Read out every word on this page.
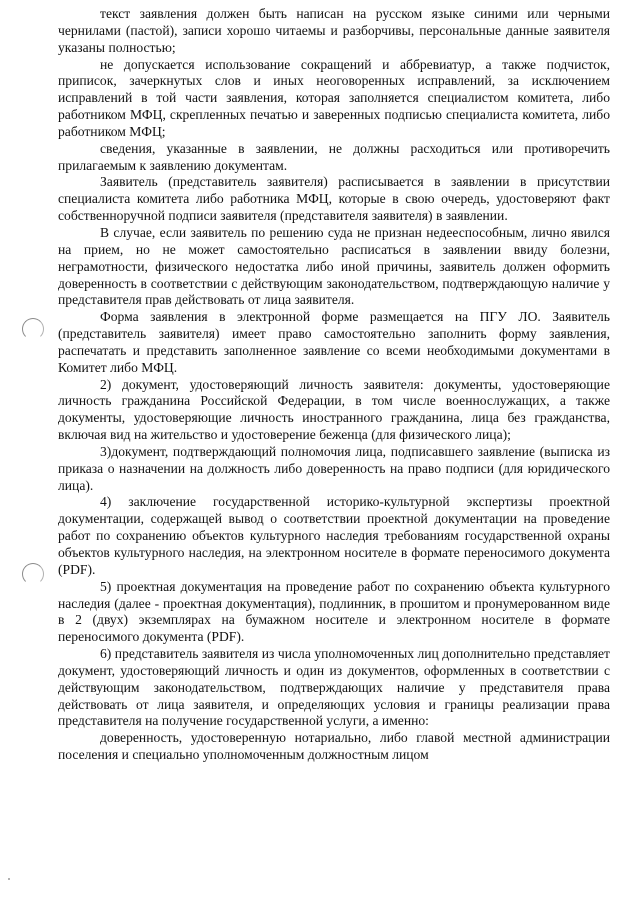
текст заявления должен быть написан на русском языке синими или черными чернилами (пастой), записи хорошо читаемы и разборчивы, персональные данные заявителя указаны полностью;

не допускается использование сокращений и аббревиатур, а также подчисток, приписок, зачеркнутых слов и иных неоговоренных исправлений, за исключением исправлений в той части заявления, которая заполняется специалистом комитета, либо работником МФЦ, скрепленных печатью и заверенных подписью специалиста комитета, либо работником МФЦ;

сведения, указанные в заявлении, не должны расходиться или противоречить прилагаемым к заявлению документам.

Заявитель (представитель заявителя) расписывается в заявлении в присутствии специалиста комитета либо работника МФЦ, которые в свою очередь, удостоверяют факт собственноручной подписи заявителя (представителя заявителя) в заявлении.

В случае, если заявитель по решению суда не признан недееспособным, лично явился на прием, но не может самостоятельно расписаться в заявлении ввиду болезни, неграмотности, физического недостатка либо иной причины, заявитель должен оформить доверенность в соответствии с действующим законодательством, подтверждающую наличие у представителя прав действовать от лица заявителя.

Форма заявления в электронной форме размещается на ПГУ ЛО. Заявитель (представитель заявителя) имеет право самостоятельно заполнить форму заявления, распечатать и представить заполненное заявление со всеми необходимыми документами в Комитет либо МФЦ.

2) документ, удостоверяющий личность заявителя: документы, удостоверяющие личность гражданина Российской Федерации, в том числе военнослужащих, а также документы, удостоверяющие личность иностранного гражданина, лица без гражданства, включая вид на жительство и удостоверение беженца (для физического лица);

3)документ, подтверждающий полномочия лица, подписавшего заявление (выписка из приказа о назначении на должность либо доверенность на право подписи (для юридического лица).

4) заключение государственной историко-культурной экспертизы проектной документации, содержащей вывод о соответствии проектной документации на проведение работ по сохранению объектов культурного наследия требованиям государственной охраны объектов культурного наследия, на электронном носителе в формате переносимого документа (PDF).

5) проектная документация на проведение работ по сохранению объекта культурного наследия (далее - проектная документация), подлинник, в прошитом и пронумерованном виде в 2 (двух) экземплярах на бумажном носителе и электронном носителе в формате переносимого документа (PDF).

6) представитель заявителя из числа уполномоченных лиц дополнительно представляет документ, удостоверяющий личность и один из документов, оформленных в соответствии с действующим законодательством, подтверждающих наличие у представителя права действовать от лица заявителя, и определяющих условия и границы реализации права представителя на получение государственной услуги, а именно:

доверенность, удостоверенную нотариально, либо главой местной администрации поселения и специально уполномоченным должностным лицом
